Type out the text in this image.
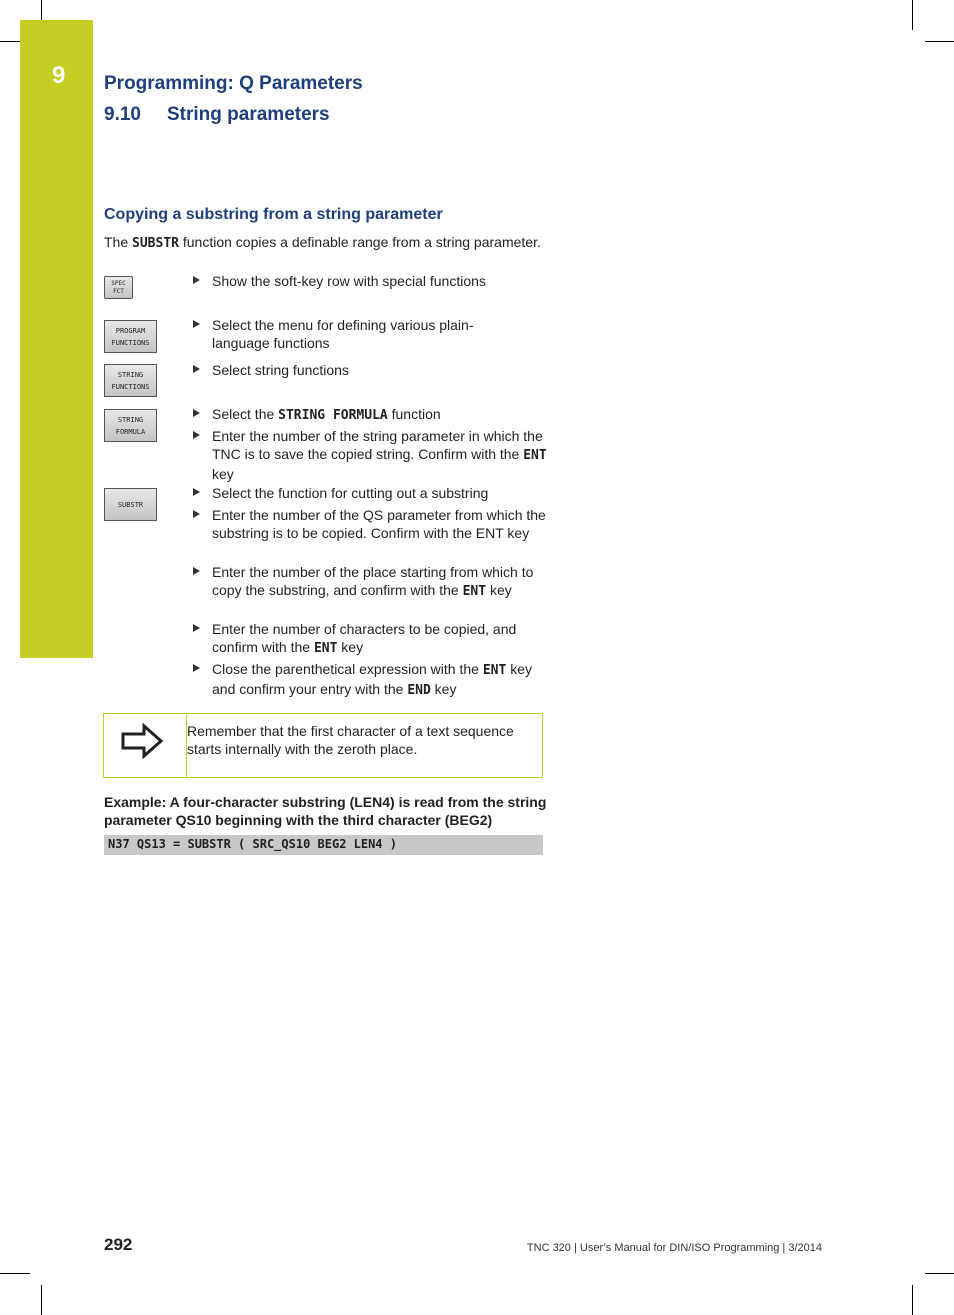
9 Programming: Q Parameters
9.10 String parameters
Copying a substring from a string parameter
The SUBSTR function copies a definable range from a string parameter.
SPEC
FCT
PROGRAM
FUNCTIONS
STRING
FUNCTIONS
STRING
FORMULA
SUBSTR
Show the soft-key row with special functions
Select the menu for defining various plain-language functions
Select string functions
Select the STRING FORMULA function
Enter the number of the string parameter in which the TNC is to save the copied string. Confirm with the ENT key
Select the function for cutting out a substring
Enter the number of the QS parameter from which the substring is to be copied. Confirm with the ENT key
Enter the number of the place starting from which to copy the substring, and confirm with the ENT key
Enter the number of characters to be copied, and confirm with the ENT key
Close the parenthetical expression with the ENT key and confirm your entry with the END key
Remember that the first character of a text sequence starts internally with the zeroth place.
Example: A four-character substring (LEN4) is read from the string parameter QS10 beginning with the third character (BEG2)
N37 QS13 = SUBSTR ( SRC_QS10 BEG2 LEN4 )
292	TNC 320 | User’s Manual for DIN/ISO Programming | 3/2014
